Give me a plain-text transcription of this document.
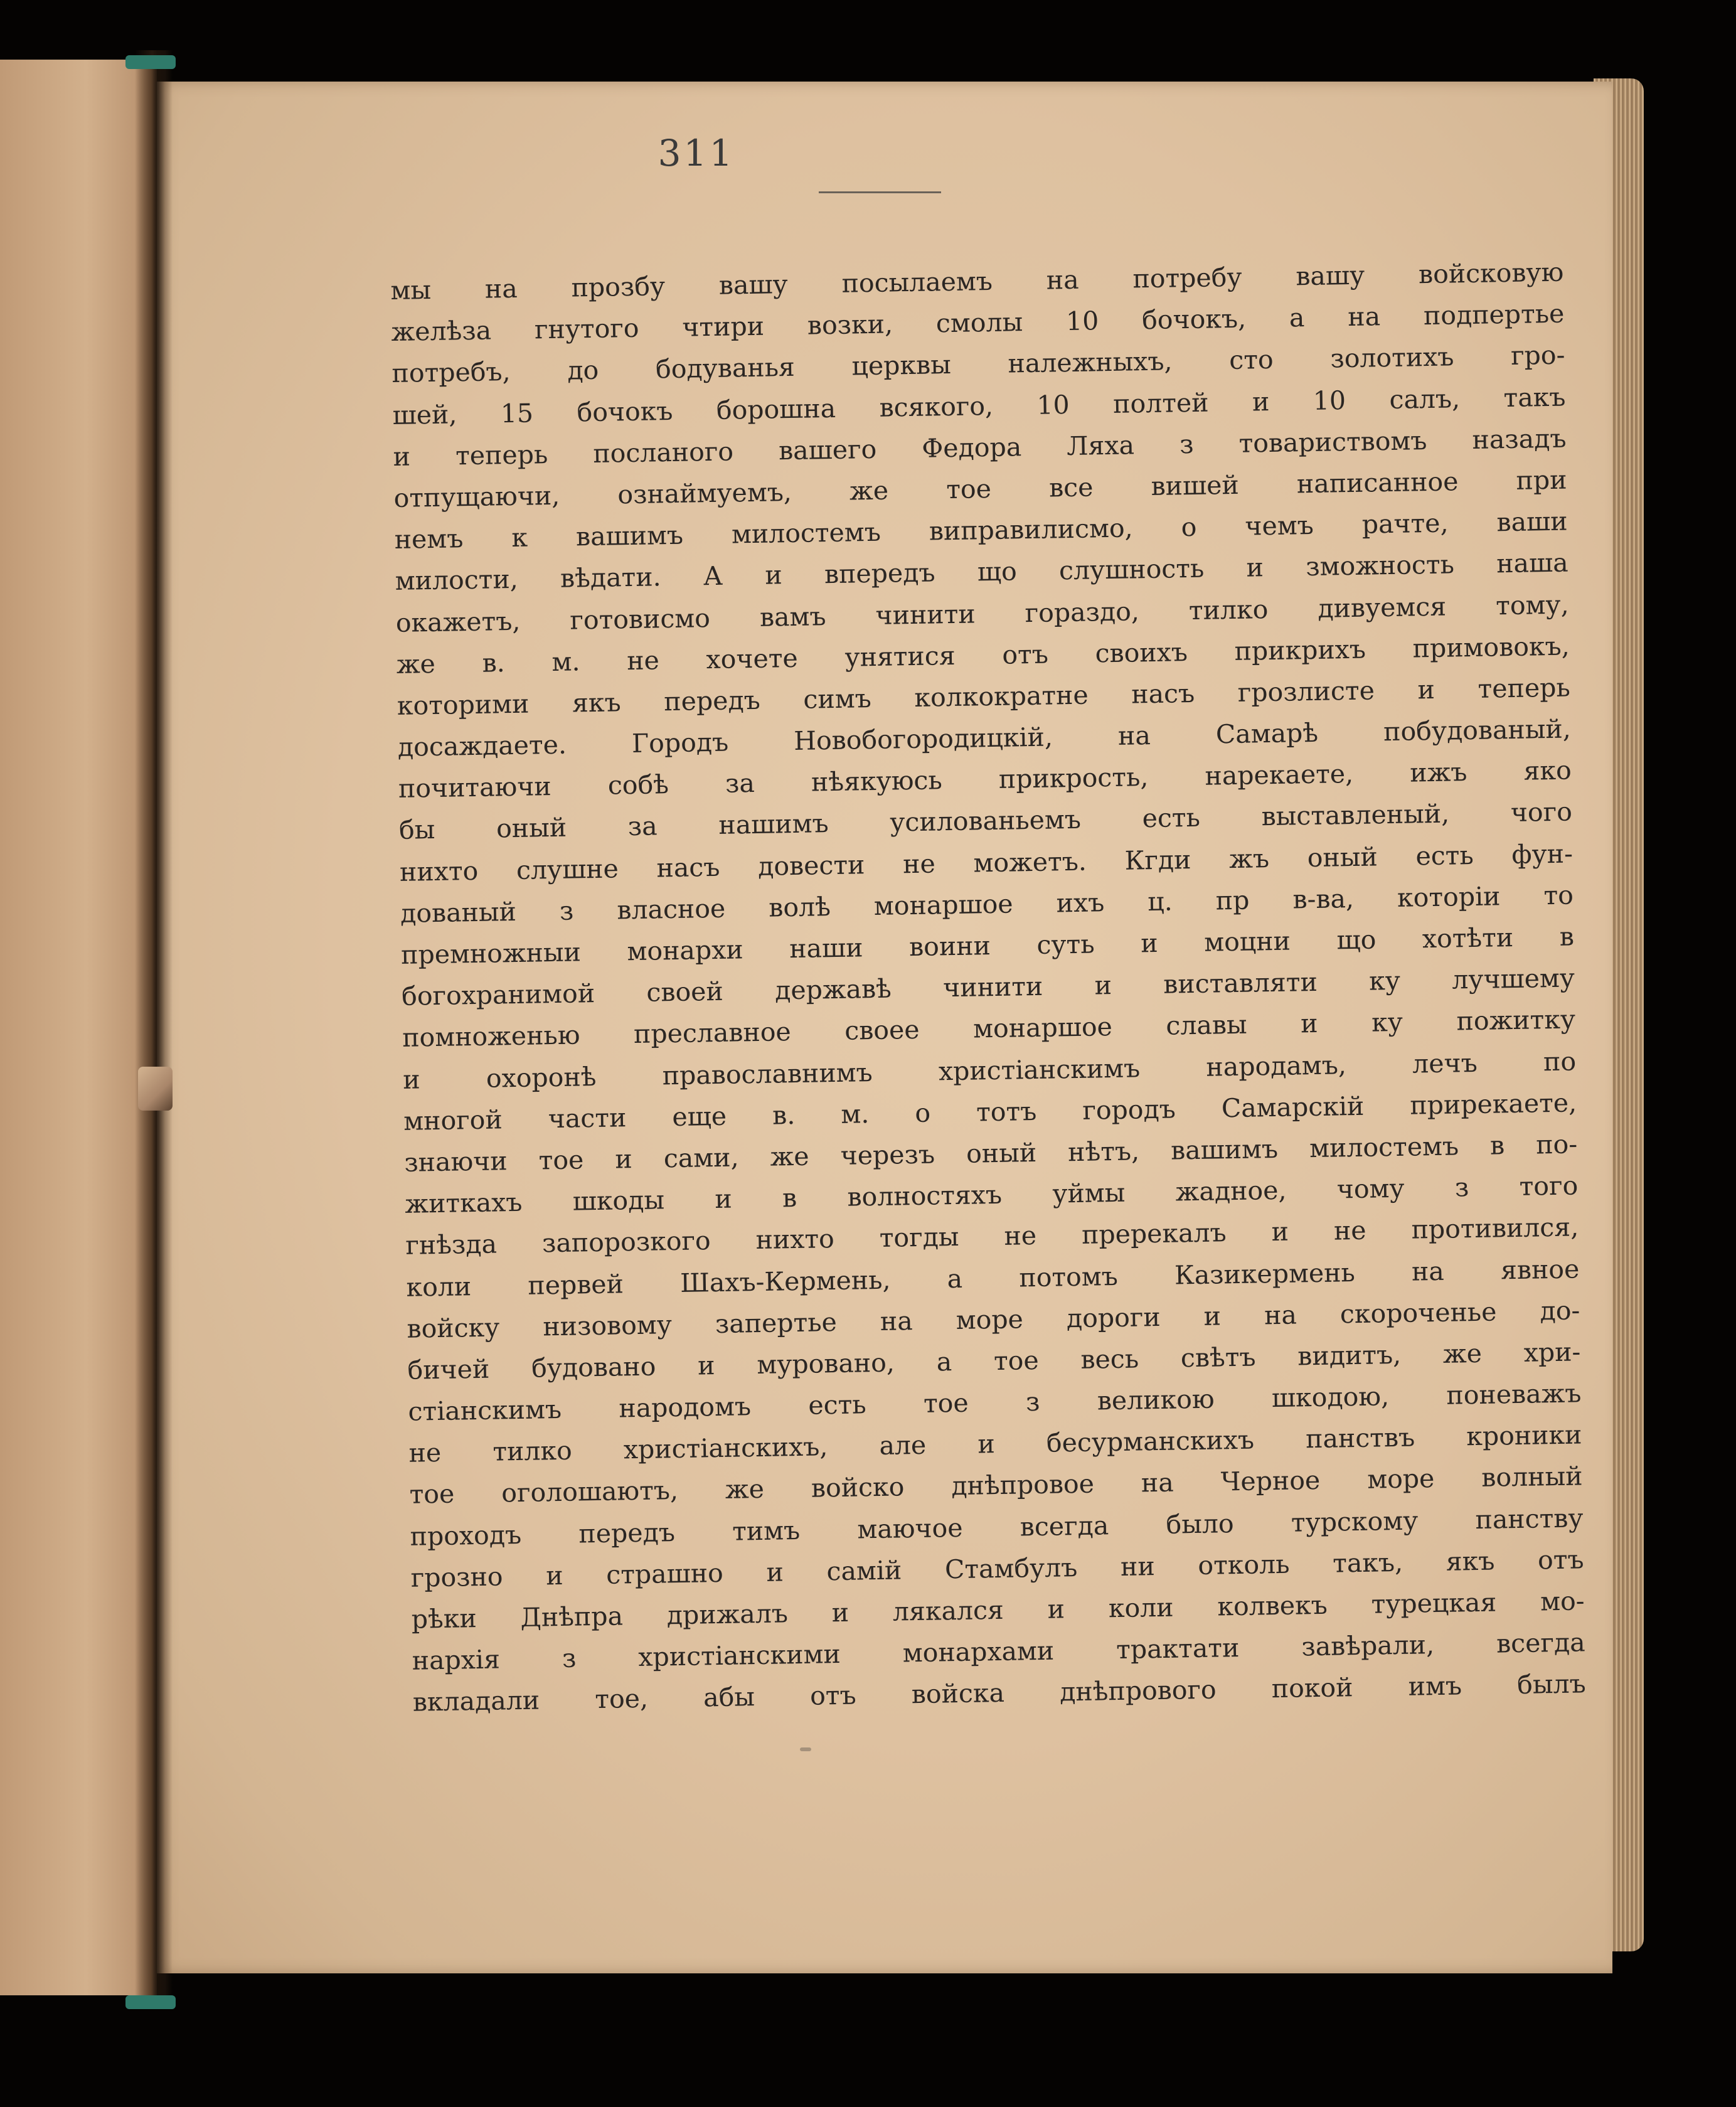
311
мы на прозбу вашу посылаемъ на потребу вашу войсковую
желѣза гнутого чтири возки, смолы 10 бочокъ, а на подпертье
потребъ, до бодуванья церквы належныхъ, сто золотихъ гро-
шей, 15 бочокъ борошна всякого, 10 полтей и 10 салъ, такъ
и теперь посланого вашего Федора Ляха з товариствомъ назадъ
отпущаючи, ознаймуемъ, же тое все вишей написанное при
немъ к вашимъ милостемъ виправилисмо, о чемъ рачте, ваши
милости, вѣдати. А и впередъ що слушность и зможность наша
окажетъ, готовисмо вамъ чинити гораздо, тилко дивуемся тому,
же в. м. не хочете унятися отъ своихъ прикрихъ примовокъ,
которими якъ передъ симъ колкократне насъ грозлисте и теперь
досаждаете. Городъ Новобогородицкій, на Самарѣ побудованый,
почитаючи собѣ за нѣякуюсь прикрость, нарекаете, ижъ яко
бы оный за нашимъ усилованьемъ есть выставленый, чого
нихто слушне насъ довести не можетъ. Кгди жъ оный есть фун-
дованый з власное волѣ монаршое ихъ ц. пр в-ва, которіи то
премножныи монархи наши воини суть и моцни що хотѣти в
богохранимой своей державѣ чинити и виставляти ку лучшему
помноженью преславное своее монаршое славы и ку пожитку
и охоронѣ православнимъ христіанскимъ народамъ, лечъ по
многой части еще в. м. о тотъ городъ Самарскій прирекаете,
знаючи тое и сами, же черезъ оный нѣтъ, вашимъ милостемъ в по-
житкахъ шкоды и в волностяхъ уймы жадное, чому з того
гнѣзда запорозкого нихто тогды не пререкалъ и не противился,
коли первей Шахъ-Кермень, а потомъ Казикермень на явное
войску низовому запертье на море дороги и на скороченье до-
бичей будовано и муровано, а тое весь свѣтъ видитъ, же хри-
стіанскимъ народомъ есть тое з великою шкодою, поневажъ
не тилко христіанскихъ, але и бесурманскихъ панствъ кроники
тое оголошаютъ, же войско днѣпровое на Черное море волный
проходъ передъ тимъ маючое всегда было турскому панству
грозно и страшно и самій Стамбулъ ни отколь такъ, якъ отъ
рѣки Днѣпра дрижалъ и лякался и коли колвекъ турецкая мо-
нархія з христіанскими монархами трактати завѣрали, всегда
вкладали тое, абы отъ войска днѣпрового покой имъ былъ
